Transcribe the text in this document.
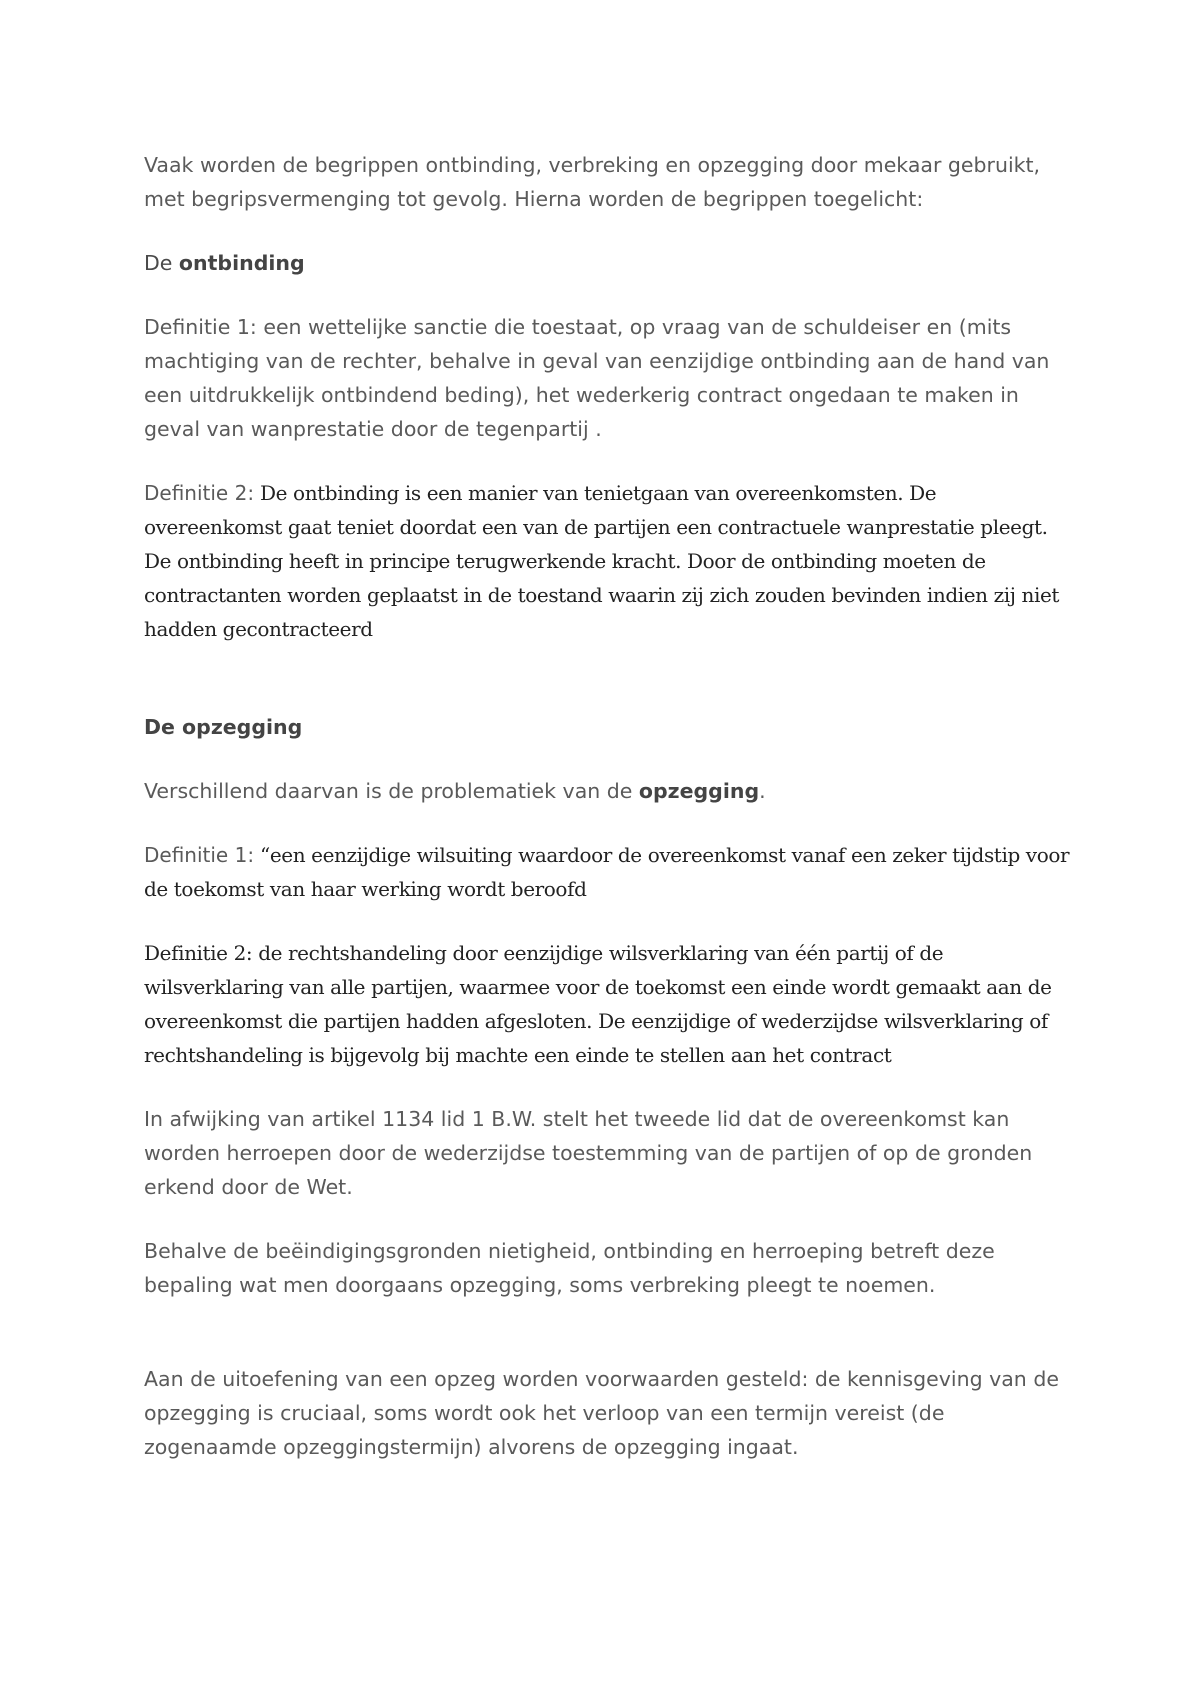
Vaak worden de begrippen ontbinding, verbreking en opzegging door mekaar gebruikt, met begripsvermenging tot gevolg. Hierna worden de begrippen toegelicht:

De ontbinding

Definitie 1: een wettelijke sanctie die toestaat, op vraag van de schuldeiser en (mits machtiging van de rechter, behalve in geval van eenzijdige ontbinding aan de hand van een uitdrukkelijk ontbindend beding), het wederkerig contract ongedaan te maken in geval van wanprestatie door de tegenpartij .

Definitie 2: De ontbinding is een manier van tenietgaan van overeenkomsten. De overeenkomst gaat teniet doordat een van de partijen een contractuele wanprestatie pleegt. De ontbinding heeft in principe terugwerkende kracht. Door de ontbinding moeten de contractanten worden geplaatst in de toestand waarin zij zich zouden bevinden indien zij niet hadden gecontracteerd

De opzegging

Verschillend daarvan is de problematiek van de opzegging.

Definitie 1: “een eenzijdige wilsuiting waardoor de overeenkomst vanaf een zeker tijdstip voor de toekomst van haar werking wordt beroofd

Definitie 2: de rechtshandeling door eenzijdige wilsverklaring van één partij of de wilsverklaring van alle partijen, waarmee voor de toekomst een einde wordt gemaakt aan de overeenkomst die partijen hadden afgesloten. De eenzijdige of wederzijdse wilsverklaring of rechtshandeling is bijgevolg bij machte een einde te stellen aan het contract

In afwijking van artikel 1134 lid 1 B.W. stelt het tweede lid dat de overeenkomst kan worden herroepen door de wederzijdse toestemming van de partijen of op de gronden erkend door de Wet.

Behalve de beëindigingsgronden nietigheid, ontbinding en herroeping betreft deze bepaling wat men doorgaans opzegging, soms verbreking pleegt te noemen.

Aan de uitoefening van een opzeg worden voorwaarden gesteld: de kennisgeving van de opzegging is cruciaal, soms wordt ook het verloop van een termijn vereist (de zogenaamde opzeggingstermijn) alvorens de opzegging ingaat.
